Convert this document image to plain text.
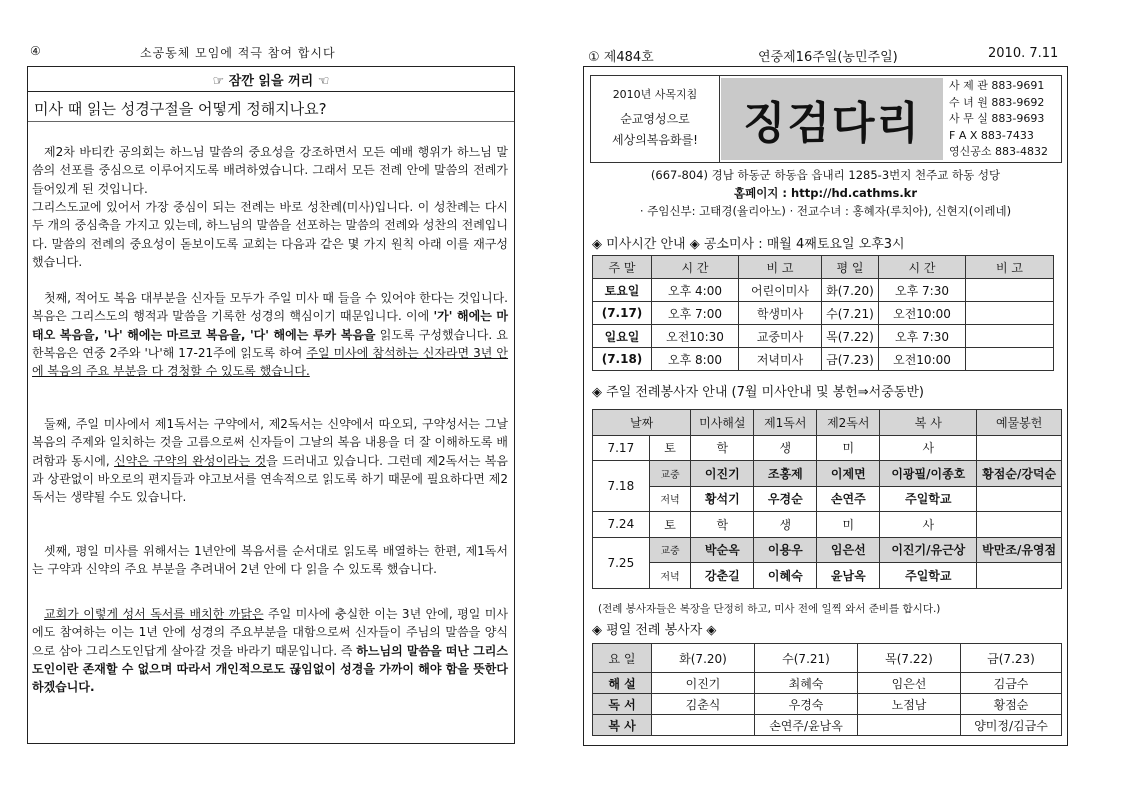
④	소공동체 모임에 적극 참여 합시다
☞ 잠깐 읽을 꺼리 ☜
미사 때 읽는 성경구절을 어떻게 정해지나요?
제2차 바티칸 공의회는 하느님 말씀의 중요성을 강조하면서 모든 예배 행위가 하느님 말씀의 선포를 중심으로 이루어지도록 배려하였습니다. 그래서 모든 전례 안에 말씀의 전례가 들어있게 된 것입니다.
그리스도교에 있어서 가장 중심이 되는 전례는 바로 성찬례(미사)입니다. 이 성찬례는 다시 두 개의 중심축을 가지고 있는데, 하느님의 말씀을 선포하는 말씀의 전례와 성찬의 전례입니다. 말씀의 전례의 중요성이 돋보이도록 교회는 다음과 같은 몇 가지 원칙 아래 이를 재구성했습니다.
첫째, 적어도 복음 대부분을 신자들 모두가 주일 미사 때 들을 수 있어야 한다는 것입니다. 복음은 그리스도의 행적과 말씀을 기록한 성경의 핵심이기 때문입니다. 이에 '가' 해에는 마태오 복음을, '나' 해에는 마르코 복음을, '다' 해에는 루카 복음을 읽도록 구성했습니다. 요한복음은 연중 2주와 '나'해 17-21주에 읽도록 하여 주일 미사에 참석하는 신자라면 3년 안에 복음의 주요 부분을 다 경청할 수 있도록 했습니다.
둘째, 주일 미사에서 제1독서는 구약에서, 제2독서는 신약에서 따오되, 구약성서는 그날 복음의 주제와 일치하는 것을 고름으로써 신자들이 그날의 복음 내용을 더 잘 이해하도록 배려함과 동시에, 신약은 구약의 완성이라는 것을 드러내고 있습니다. 그런데 제2독서는 복음과 상관없이 바오로의 편지들과 야고보서를 연속적으로 읽도록 하기 때문에 필요하다면 제2독서는 생략될 수도 있습니다.
셋째, 평일 미사를 위해서는 1년안에 복음서를 순서대로 읽도록 배열하는 한편, 제1독서는 구약과 신약의 주요 부분을 추려내어 2년 안에 다 읽을 수 있도록 했습니다.
교회가 이렇게 성서 독서를 배치한 까닭은 주일 미사에 충실한 이는 3년 안에, 평일 미사에도 참여하는 이는 1년 안에 성경의 주요부분을 대함으로써 신자들이 주님의 말씀을 양식으로 삼아 그리스도인답게 살아갈 것을 바라기 때문입니다. 즉 하느님의 말씀을 떠난 그리스도인이란 존재할 수 없으며 따라서 개인적으로도 끊임없이 성경을 가까이 해야 함을 뜻한다 하겠습니다.
① 제484호	연중제16주일(농민주일)	2010. 7.11
2010년 사목지침
순교영성으로
세상의복음화를!	징검다리
사 제 관 883-9691
수 녀 원 883-9692
사 무 실 883-9693
F A X 883-7433
영신공소 883-4832
(667-804) 경남 하동군 하동읍 읍내리 1285-3번지 천주교 하동 성당
홈페이지 : http://hd.cathms.kr
· 주임신부: 고태경(율리아노) · 전교수녀 : 홍혜자(루치아), 신현지(이레네)
◈ 미사시간 안내 ◈ 공소미사 : 매월 4째토요일 오후3시
주 말	시 간	비 고	평 일	시 간	비 고
토요일	오후 4:00	어린이미사	화(7.20)	오후 7:30	
(7.17)	오후 7:00	학생미사	수(7.21)	오전10:00	
일요일	오전10:30	교중미사	목(7.22)	오후 7:30	
(7.18)	오후 8:00	저녁미사	금(7.23)	오전10:00	
◈ 주일 전례봉사자 안내 (7월 미사안내 및 봉헌⇒서중동반)
날짜		미사해설	제1독서	제2독서	복 사	예물봉헌
7.17	토	학	생	미	사	
7.18	교중	이진기	조홍제	이제면	이광필/이종호	황점순/강덕순
	저녁	황석기	우경순	손연주	주일학교	
7.24	토	학	생	미	사	
7.25	교중	박순옥	이용우	임은선	이진기/유근상	박만조/유영점
	저녁	강춘길	이혜숙	윤남옥	주일학교	
(전례 봉사자들은 복장을 단정히 하고, 미사 전에 일찍 와서 준비를 합시다.)
◈ 평일 전례 봉사자 ◈
요 일	화(7.20)	수(7.21)	목(7.22)	금(7.23)
해 설	이진기	최혜숙	임은선	김금수
독 서	김춘식	우경숙	노점남	황점순
복 사		손연주/윤남옥		양미정/김금수
